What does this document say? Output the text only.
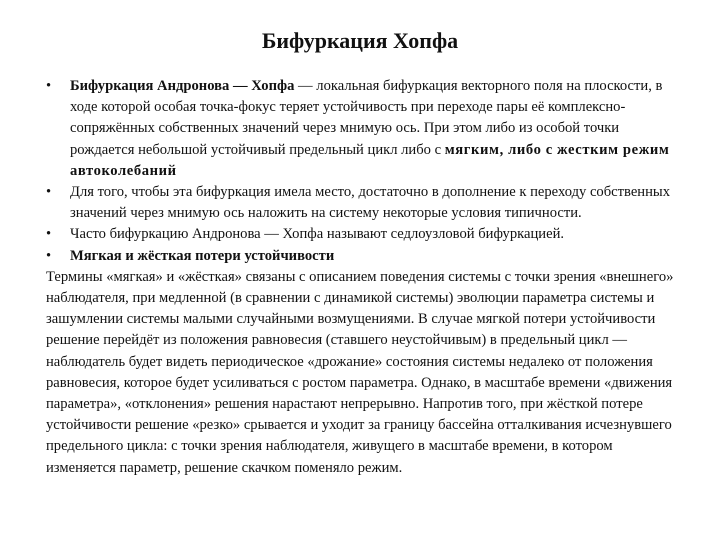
Бифуркация Хопфа
• Бифуркация Андронова — Хопфа — локальная бифуркация векторного поля на плоскости, в ходе которой особая точка-фокус теряет устойчивость при переходе пары её комплексно-сопряжённых собственных значений через мнимую ось. При этом либо из особой точки рождается небольшой устойчивый предельный цикл либо с мягким, либо с жестким режим автоколебаний
• Для того, чтобы эта бифуркация имела место, достаточно в дополнение к переходу собственных значений через мнимую ось наложить на систему некоторые условия типичности.
• Часто бифуркацию Андронова — Хопфа называют седлоузловой бифуркацией.
• Мягкая и жёсткая потери устойчивости

Термины «мягкая» и «жёсткая» связаны с описанием поведения системы с точки зрения «внешнего» наблюдателя, при медленной (в сравнении с динамикой системы) эволюции параметра системы и зашумлении системы малыми случайными возмущениями. В случае мягкой потери устойчивости решение перейдёт из положения равновесия (ставшего неустойчивым) в предельный цикл — наблюдатель будет видеть периодическое «дрожание» состояния системы недалеко от положения равновесия, которое будет усиливаться с ростом параметра. Однако, в масштабе времени «движения параметра», «отклонения» решения нарастают непрерывно. Напротив того, при жёсткой потере устойчивости решение «резко» срывается и уходит за границу бассейна отталкивания исчезнувшего предельного цикла: с точки зрения наблюдателя, живущего в масштабе времени, в котором изменяется параметр, решение скачком поменяло режим.
